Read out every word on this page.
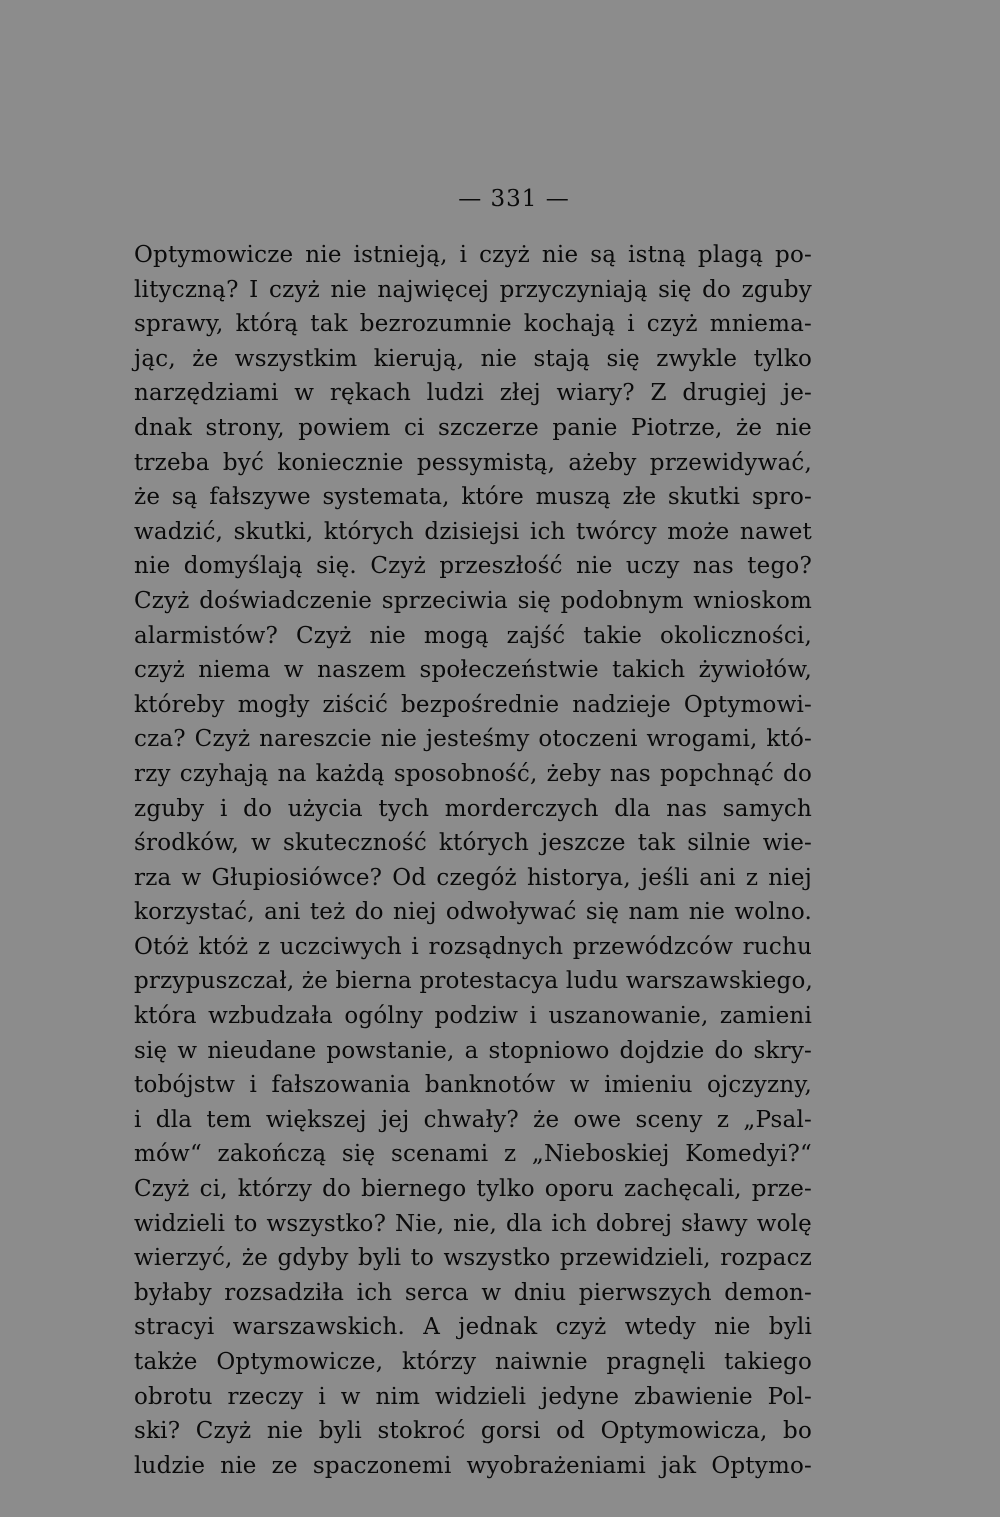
— 331 —
Optymowicze nie istnieją, i czyż nie są istną plagą po-
lityczną? I czyż nie najwięcej przyczyniają się do zguby
sprawy, którą tak bezrozumnie kochają i czyż mniema-
jąc, że wszystkim kierują, nie stają się zwykle tylko
narzędziami w rękach ludzi złej wiary? Z drugiej je-
dnak strony, powiem ci szczerze panie Piotrze, że nie
trzeba być koniecznie pessymistą, ażeby przewidywać,
że są fałszywe systemata, które muszą złe skutki spro-
wadzić, skutki, których dzisiejsi ich twórcy może nawet
nie domyślają się. Czyż przeszłość nie uczy nas tego?
Czyż doświadczenie sprzeciwia się podobnym wnioskom
alarmistów? Czyż nie mogą zajść takie okoliczności,
czyż niema w naszem społeczeństwie takich żywiołów,
któreby mogły ziścić bezpośrednie nadzieje Optymowi-
cza? Czyż nareszcie nie jesteśmy otoczeni wrogami, któ-
rzy czyhają na każdą sposobność, żeby nas popchnąć do
zguby i do użycia tych morderczych dla nas samych
środków, w skuteczność których jeszcze tak silnie wie-
rza w Głupiosiówce? Od czegóż historya, jeśli ani z niej
korzystać, ani też do niej odwoływać się nam nie wolno.
Otóż któż z uczciwych i rozsądnych przewódzców ruchu
przypuszczał, że bierna protestacya ludu warszawskiego,
która wzbudzała ogólny podziw i uszanowanie, zamieni
się w nieudane powstanie, a stopniowo dojdzie do skry-
tobójstw i fałszowania banknotów w imieniu ojczyzny,
i dla tem większej jej chwały? że owe sceny z „Psal-
mów“ zakończą się scenami z „Nieboskiej Komedyi?“
Czyż ci, którzy do biernego tylko oporu zachęcali, prze-
widzieli to wszystko? Nie, nie, dla ich dobrej sławy wolę
wierzyć, że gdyby byli to wszystko przewidzieli, rozpacz
byłaby rozsadziła ich serca w dniu pierwszych demon-
stracyi warszawskich. A jednak czyż wtedy nie byli
także Optymowicze, którzy naiwnie pragnęli takiego
obrotu rzeczy i w nim widzieli jedyne zbawienie Pol-
ski? Czyż nie byli stokroć gorsi od Optymowicza, bo
ludzie nie ze spaczonemi wyobrażeniami jak Optymo-
